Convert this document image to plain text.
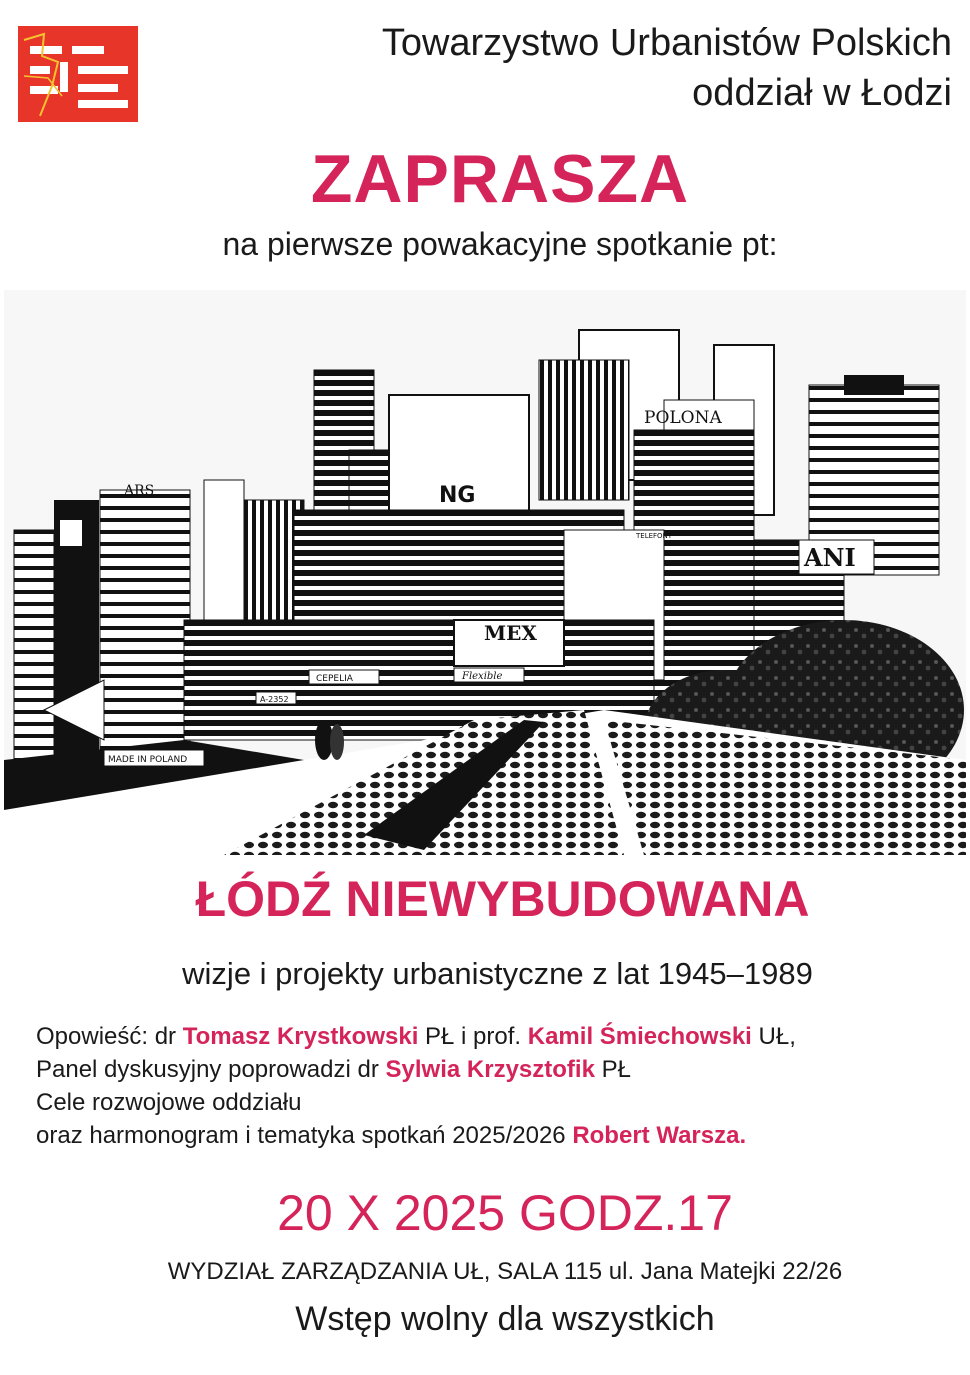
Towarzystwo Urbanistów Polskich
oddział w Łodzi
ZAPRASZA
na pierwsze powakacyjne spotkanie pt:
ARS	NG
POLONA
ANI
MEX
CEPELIA	Flexible
A-2352
MADE IN POLAND
TELEFONY
ŁÓDŹ NIEWYBUDOWANA
wizje i projekty urbanistyczne z lat 1945–1989
Opowieść: dr Tomasz Krystkowski PŁ i prof. Kamil Śmiechowski UŁ,
Panel dyskusyjny poprowadzi dr Sylwia Krzysztofik PŁ
Cele rozwojowe oddziału
oraz harmonogram i tematyka spotkań 2025/2026 Robert Warsza.
20 X 2025 GODZ.17
WYDZIAŁ ZARZĄDZANIA UŁ, SALA 115 ul. Jana Matejki 22/26
Wstęp wolny dla wszystkich
